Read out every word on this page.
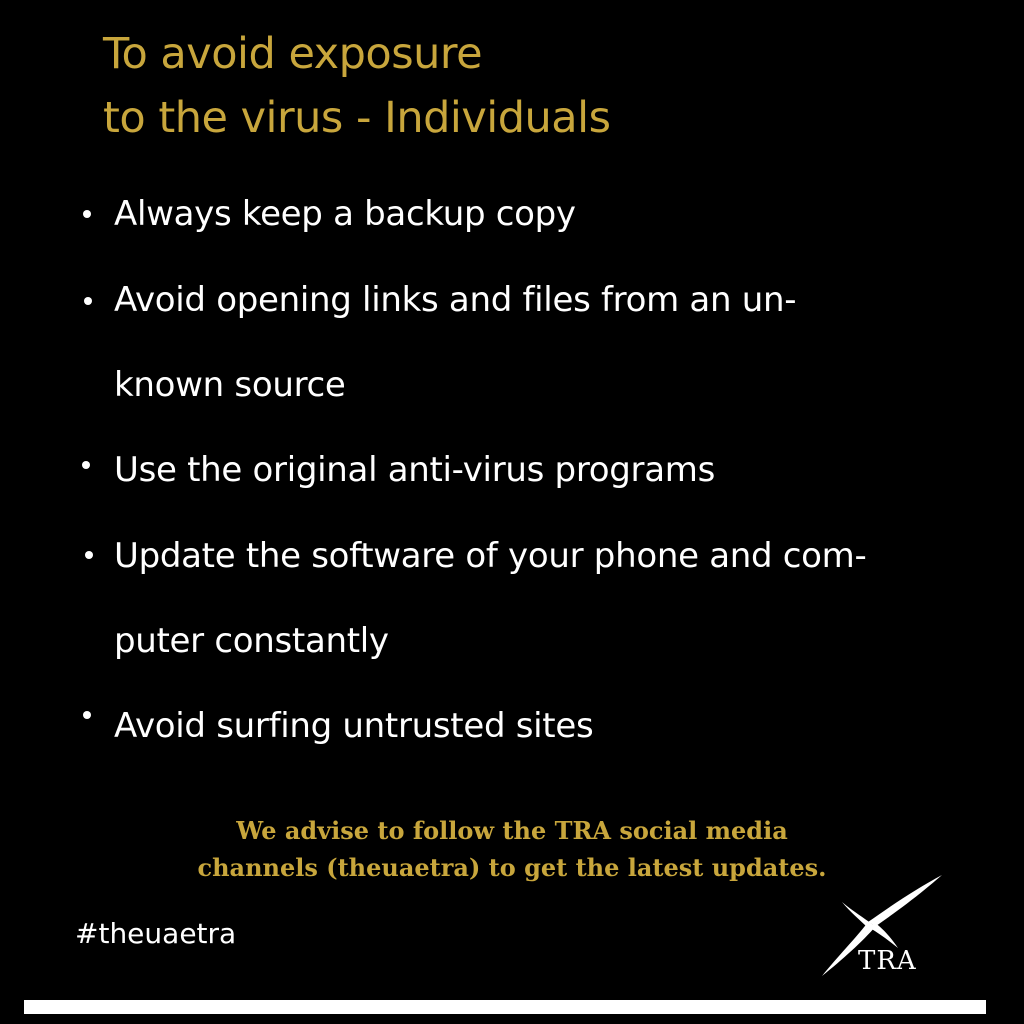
To avoid exposure
to the virus - Individuals
Always keep a backup copy
Avoid opening links and files from an un-
known source
Use the original anti-virus programs
Update the software of your phone and com-
puter constantly
Avoid surfing untrusted sites
We advise to follow the TRA social media
channels (theuaetra) to get the latest updates.
#theuaetra
TRA
